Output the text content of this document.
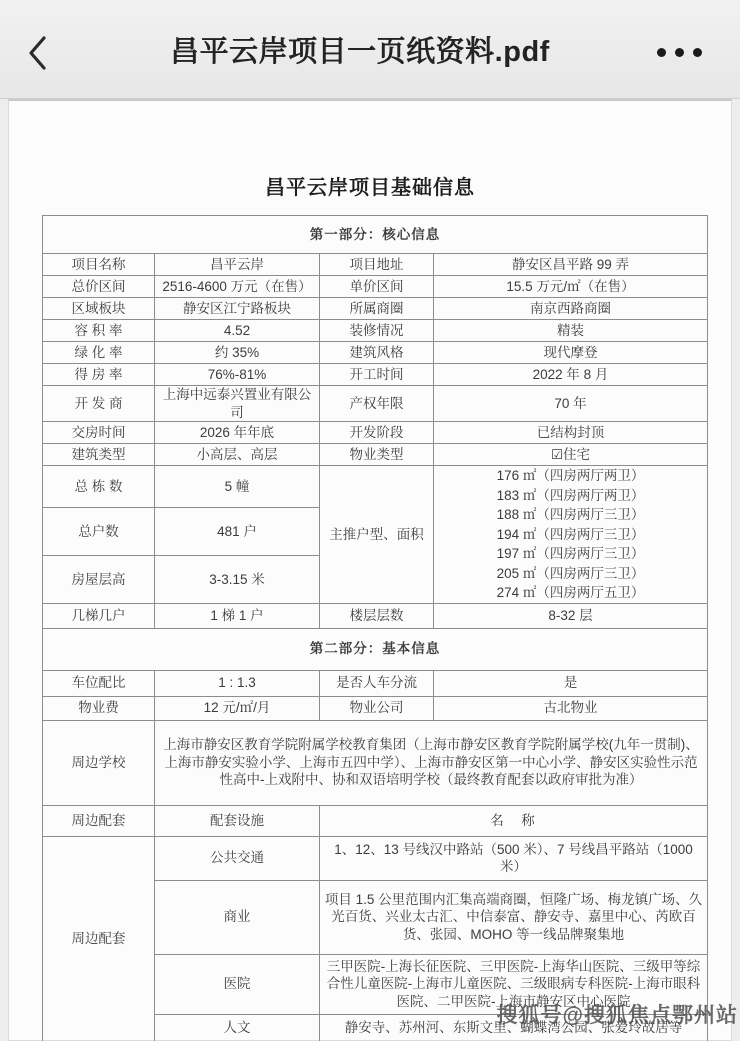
昌平云岸项目一页纸资料.pdf
昌平云岸项目基础信息
第一部分：核心信息			
项目名称	昌平云岸	项目地址	静安区昌平路 99 弄
总价区间	2516-4600 万元（在售）	单价区间	15.5 万元/㎡（在售）
区域板块	静安区江宁路板块	所属商圈	南京西路商圈
容 积 率	4.52	装修情况	精装
绿 化 率	约 35%	建筑风格	现代摩登
得 房 率	76%-81%	开工时间	2022 年 8 月
开 发 商	上海中远泰兴置业有限公司	产权年限	70 年
交房时间	2026 年年底	开发阶段	已结构封顶
建筑类型	小高层、高层	物业类型	☑住宅
总 栋 数	5 幢	主推户型、面积	
176 ㎡（四房两厅两卫）
183 ㎡（四房两厅两卫）
188 ㎡（四房两厅三卫）
194 ㎡（四房两厅三卫）
197 ㎡（四房两厅三卫）
205 ㎡（四房两厅三卫）
274 ㎡（四房两厅五卫）

总户数	481 户		
房屋层高	3-3.15 米		
几梯几户	1 梯 1 户	楼层层数	8-32 层
第二部分：基本信息			
车位配比	1 : 1.3	是否人车分流	是
物业费	12 元/㎡/月	物业公司	古北物业
周边学校	上海市静安区教育学院附属学校教育集团（上海市静安区教育学院附属学校(九年一贯制)、上海市静安实验小学、上海市五四中学）、上海市静安区第一中心小学、静安区实验性示范性高中-上戏附中、协和双语培明学校（最终教育配套以政府审批为准）		
周边配套	配套设施	名　称	
周边配套	公共交通	1、12、13 号线汉中路站（500 米）、7 号线昌平路站（1000 米）	
	商业	项目 1.5 公里范围内汇集高端商圈，恒隆广场、梅龙镇广场、久光百货、兴业太古汇、中信泰富、静安寺、嘉里中心、芮欧百货、张园、MOHO 等一线品牌聚集地	
	医院	三甲医院-上海长征医院、三甲医院-上海华山医院、三级甲等综合性儿童医院-上海市儿童医院、三级眼病专科医院-上海市眼科医院、二甲医院-上海市静安区中心医院	
	人文	静安寺、苏州河、东斯文里、蝴蝶湾公园、张爱玲故居等	
搜狐号@搜狐焦点鄂州站
